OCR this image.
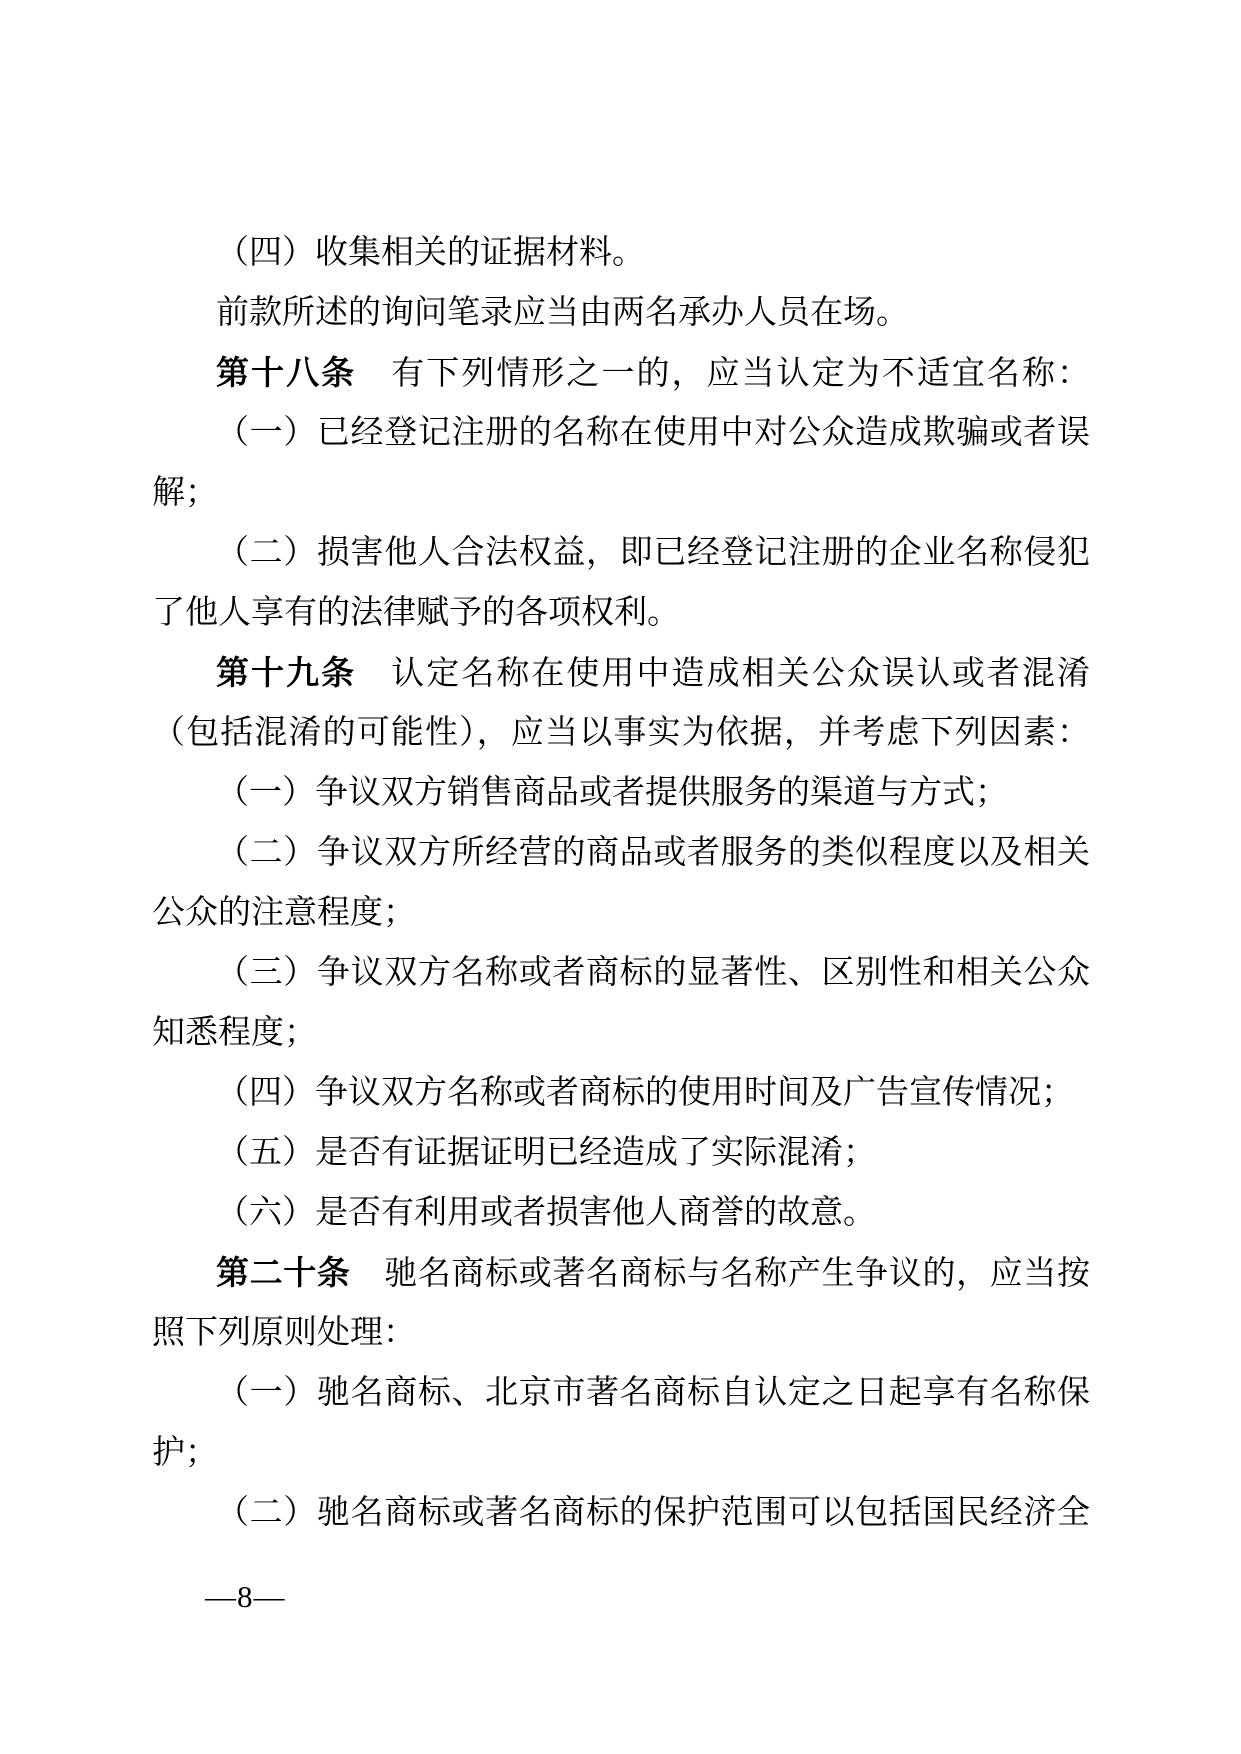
（四）收集相关的证据材料。
前款所述的询问笔录应当由两名承办人员在场。
第十八条　有下列情形之一的，应当认定为不适宜名称：
（一）已经登记注册的名称在使用中对公众造成欺骗或者误
解；
（二）损害他人合法权益，即已经登记注册的企业名称侵犯
了他人享有的法律赋予的各项权利。
第十九条　认定名称在使用中造成相关公众误认或者混淆
（包括混淆的可能性），应当以事实为依据，并考虑下列因素：
（一）争议双方销售商品或者提供服务的渠道与方式；
（二）争议双方所经营的商品或者服务的类似程度以及相关
公众的注意程度；
（三）争议双方名称或者商标的显著性、区别性和相关公众
知悉程度；
（四）争议双方名称或者商标的使用时间及广告宣传情况；
（五）是否有证据证明已经造成了实际混淆；
（六）是否有利用或者损害他人商誉的故意。
第二十条　驰名商标或著名商标与名称产生争议的，应当按
照下列原则处理：
（一）驰名商标、北京市著名商标自认定之日起享有名称保
护；
（二）驰名商标或著名商标的保护范围可以包括国民经济全
—8—
